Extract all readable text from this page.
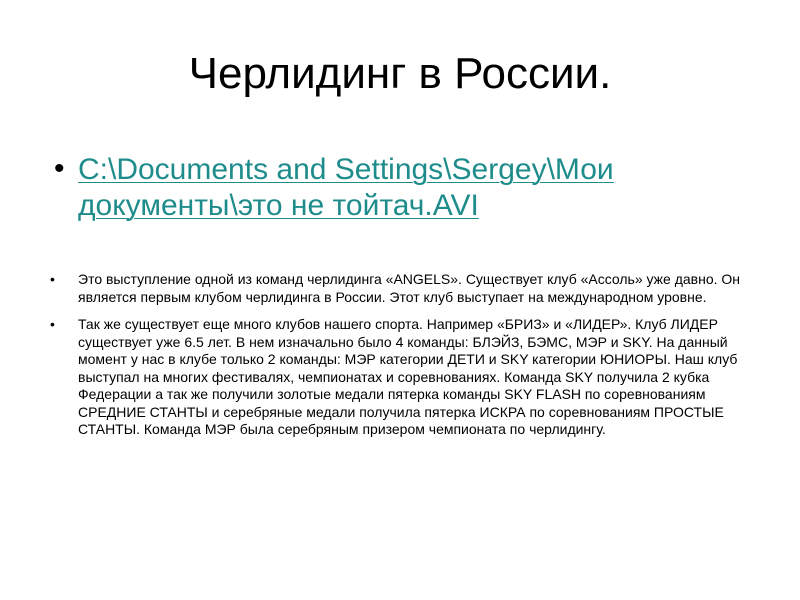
Черлидинг в России.
• C:\Documents and Settings\Sergey\Мои документы\это не тойтач.AVI
• Это выступление одной из команд черлидинга «ANGELS». Существует клуб «Ассоль» уже давно. Он является первым клубом черлидинга в России. Этот клуб выступает на международном уровне.
• Так же существует еще много клубов нашего спорта. Например «БРИЗ» и «ЛИДЕР». Клуб ЛИДЕР существует уже 6.5 лет. В нем изначально было 4 команды: БЛЭЙЗ, БЭМС, МЭР и SKY. На данный момент у нас в клубе только 2 команды: МЭР категории ДЕТИ и SKY категории ЮНИОРЫ. Наш клуб выступал на многих фестивалях, чемпионатах и соревнованиях. Команда SKY получила 2 кубка Федерации а так же получили золотые медали пятерка команды SKY FLASH по соревнованиям СРЕДНИЕ СТАНТЫ и серебряные медали получила пятерка ИСКРА по соревнованиям ПРОСТЫЕ СТАНТЫ. Команда МЭР была серебряным призером чемпионата по черлидингу.
